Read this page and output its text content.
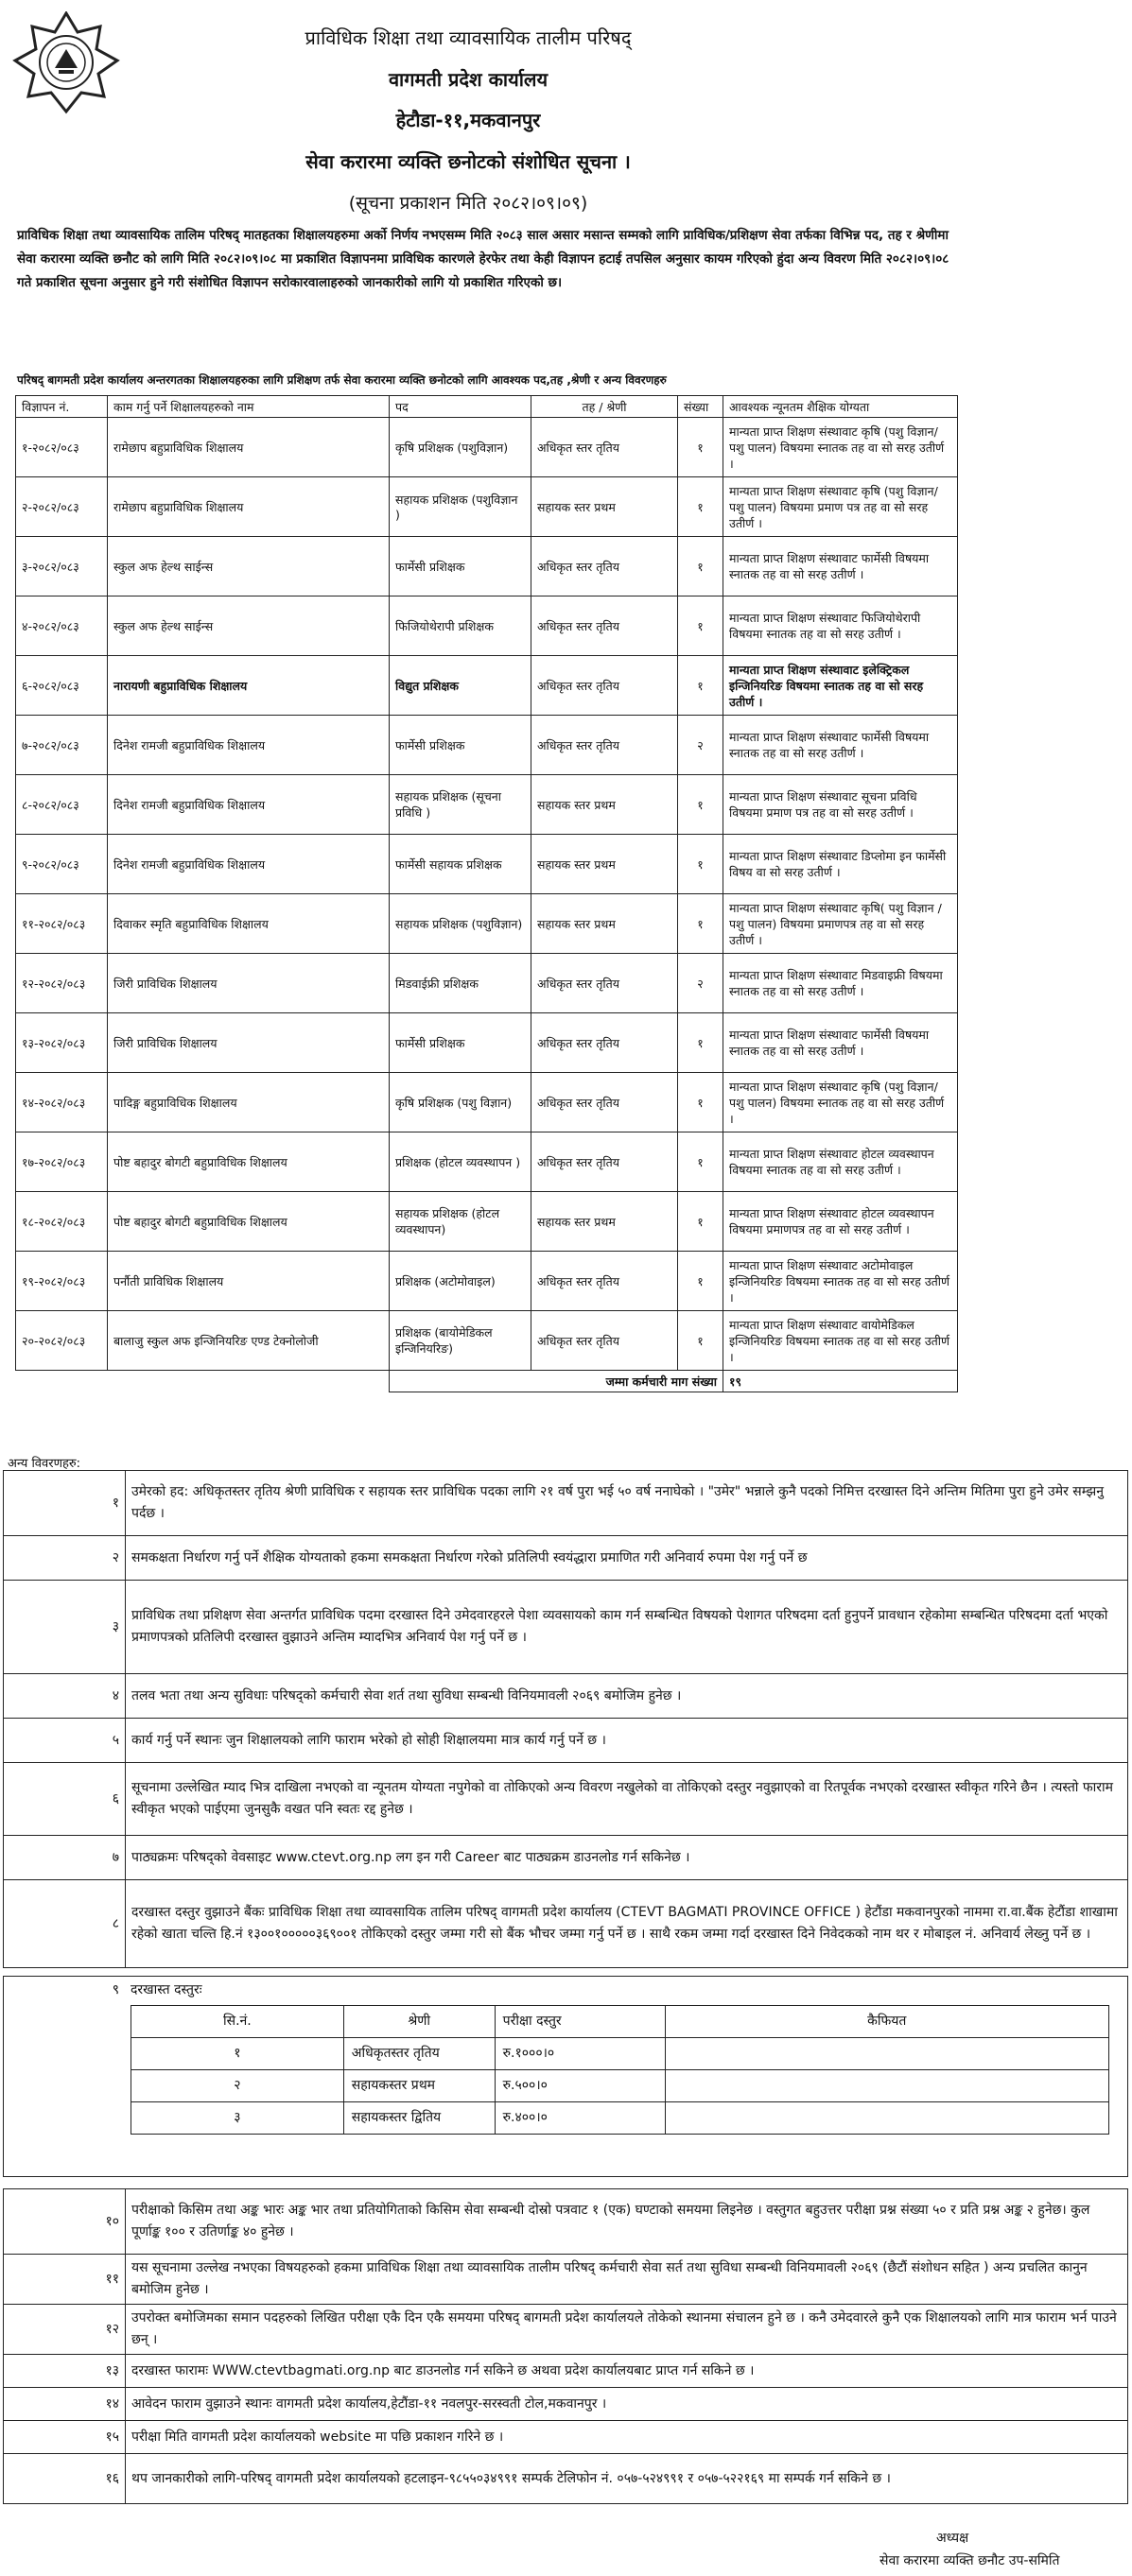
प्राविधिक शिक्षा तथा व्यावसायिक तालीम परिषद्
वागमती प्रदेश कार्यालय
हेटौडा-११,मकवानपुर
सेवा करारमा व्यक्ति छनोटको संशोधित सूचना ।
(सूचना प्रकाशन मिति २०८२।०९।०९)
प्राविधिक शिक्षा तथा व्यावसायिक तालिम परिषद् मातहतका शिक्षालयहरुमा अर्को निर्णय नभएसम्म मिति २०८३ साल असार मसान्त सम्मको लागि प्राविधिक/प्रशिक्षण सेवा तर्फका विभिन्न पद, तह र श्रेणीमा सेवा करारमा व्यक्ति छनौट को लागि मिति २०८२।०९।०८ मा प्रकाशित विज्ञापनमा प्राविधिक कारणले हेरफेर तथा केही विज्ञापन हटाई तपसिल अनुसार कायम गरिएको हुंदा अन्य विवरण मिति २०८२।०९।०८ गते प्रकाशित सूचना अनुसार हुने गरी संशोधित विज्ञापन सरोकारवालाहरुको जानकारीको लागि यो प्रकाशित गरिएको छ।
परिषद् बागमती प्रदेश कार्यालय अन्तरगतका शिक्षालयहरुका लागि प्रशिक्षण तर्फ सेवा करारमा व्यक्ति छनोटको लागि आवश्यक पद,तह ,श्रेणी र अन्य विवरणहरु
विज्ञापन नं.	काम गर्नु पर्ने शिक्षालयहरुको नाम	पद	तह / श्रेणी	संख्या	आवश्यक न्यूनतम शैक्षिक योग्यता
१-२०८२/०८३	रामेछाप बहुप्राविधिक शिक्षालय	कृषि प्रशिक्षक (पशुविज्ञान)	अधिकृत स्तर तृतिय	१	मान्यता प्राप्त शिक्षण संस्थावाट कृषि (पशु विज्ञान/ पशु पालन) विषयमा स्नातक तह वा सो सरह उतीर्ण ।
२-२०८२/०८३	रामेछाप बहुप्राविधिक शिक्षालय	सहायक प्रशिक्षक (पशुविज्ञान )	सहायक स्तर प्रथम	१	मान्यता प्राप्त शिक्षण संस्थावाट कृषि (पशु विज्ञान/ पशु पालन) विषयमा प्रमाण पत्र तह वा सो सरह उतीर्ण ।
३-२०८२/०८३	स्कुल अफ हेल्थ साईन्स	फार्मेसी प्रशिक्षक	अधिकृत स्तर तृतिय	१	मान्यता प्राप्त शिक्षण संस्थावाट फार्मेसी विषयमा स्नातक तह वा सो सरह उतीर्ण ।
४-२०८२/०८३	स्कुल अफ हेल्थ साईन्स	फिजियोथेरापी प्रशिक्षक	अधिकृत स्तर तृतिय	१	मान्यता प्राप्त शिक्षण संस्थावाट फिजियोथेरापी विषयमा स्नातक तह वा सो सरह उतीर्ण ।
६-२०८२/०८३	नारायणी बहुप्राविधिक शिक्षालय	विद्युत प्रशिक्षक	अधिकृत स्तर तृतिय	१	मान्यता प्राप्त शिक्षण संस्थावाट इलेक्ट्रिकल इन्जिनियरिङ विषयमा स्नातक तह वा सो सरह उतीर्ण ।
७-२०८२/०८३	दिनेश रामजी बहुप्राविधिक शिक्षालय	फार्मेसी प्रशिक्षक	अधिकृत स्तर तृतिय	२	मान्यता प्राप्त शिक्षण संस्थावाट फार्मेसी विषयमा स्नातक तह वा सो सरह उतीर्ण ।
८-२०८२/०८३	दिनेश रामजी बहुप्राविधिक शिक्षालय	सहायक प्रशिक्षक (सूचना प्रविधि )	सहायक स्तर प्रथम	१	मान्यता प्राप्त शिक्षण संस्थावाट सूचना प्रविधि विषयमा प्रमाण पत्र तह वा सो सरह उतीर्ण ।
९-२०८२/०८३	दिनेश रामजी बहुप्राविधिक शिक्षालय	फार्मेसी सहायक प्रशिक्षक	सहायक स्तर प्रथम	१	मान्यता प्राप्त शिक्षण संस्थावाट डिप्लोमा इन फार्मेसी विषय वा सो सरह उतीर्ण ।
११-२०८२/०८३	दिवाकर स्मृति बहुप्राविधिक शिक्षालय	सहायक प्रशिक्षक (पशुविज्ञान)	सहायक स्तर प्रथम	१	मान्यता प्राप्त शिक्षण संस्थावाट कृषि( पशु विज्ञान / पशु पालन) विषयमा प्रमाणपत्र तह वा सो सरह उतीर्ण ।
१२-२०८२/०८३	जिरी प्राविधिक शिक्षालय	मिडवाईफ्री प्रशिक्षक	अधिकृत स्तर तृतिय	२	मान्यता प्राप्त शिक्षण संस्थावाट मिडवाइफ्री विषयमा स्नातक तह वा सो सरह उतीर्ण ।
१३-२०८२/०८३	जिरी प्राविधिक शिक्षालय	फार्मेसी प्रशिक्षक	अधिकृत स्तर तृतिय	१	मान्यता प्राप्त शिक्षण संस्थावाट फार्मेसी विषयमा स्नातक तह वा सो सरह उतीर्ण ।
१४-२०८२/०८३	पादिङ्ग बहुप्राविधिक शिक्षालय	कृषि प्रशिक्षक (पशु विज्ञान)	अधिकृत स्तर तृतिय	१	मान्यता प्राप्त शिक्षण संस्थावाट कृषि (पशु विज्ञान/ पशु पालन) विषयमा स्नातक तह वा सो सरह उतीर्ण ।
१७-२०८२/०८३	पोष्ट बहादुर बोगटी बहुप्राविधिक शिक्षालय	प्रशिक्षक (होटल व्यवस्थापन )	अधिकृत स्तर तृतिय	१	मान्यता प्राप्त शिक्षण संस्थावाट होटल व्यवस्थापन विषयमा स्नातक तह वा सो सरह उतीर्ण ।
१८-२०८२/०८३	पोष्ट बहादुर बोगटी बहुप्राविधिक शिक्षालय	सहायक प्रशिक्षक (होटल व्यवस्थापन)	सहायक स्तर प्रथम	१	मान्यता प्राप्त शिक्षण संस्थावाट होटल व्यवस्थापन विषयमा प्रमाणपत्र तह वा सो सरह उतीर्ण ।
१९-२०८२/०८३	पर्नौती प्राविधिक शिक्षालय	प्रशिक्षक (अटोमोवाइल)	अधिकृत स्तर तृतिय	१	मान्यता प्राप्त शिक्षण संस्थावाट अटोमोवाइल इन्जिनियरिङ विषयमा स्नातक तह वा सो सरह उतीर्ण ।
२०-२०८२/०८३	बालाजु स्कुल अफ इन्जिनियरिङ एण्ड टेक्नोलोजी	प्रशिक्षक (बायोमेडिकल इन्जिनियरिङ)	अधिकृत स्तर तृतिय	१	मान्यता प्राप्त शिक्षण संस्थावाट वायोमेडिकल इन्जिनियरिङ विषयमा स्नातक तह वा सो सरह उतीर्ण ।
		जम्मा कर्मचारी माग संख्या			१९
अन्य विवरणहरु:
१	उमेरको हद: अधिकृतस्तर तृतिय श्रेणी प्राविधिक र सहायक स्तर प्राविधिक पदका लागि २१ वर्ष पुरा भई ५० वर्ष ननाघेको । "उमेर" भन्नाले कुनै पदको निमित्त दरखास्त दिने अन्तिम मितिमा पुरा हुने उमेर सम्झनु पर्दछ ।
२	समकक्षता निर्धारण गर्नु पर्ने शैक्षिक योग्यताको हकमा समकक्षता निर्धारण गरेको प्रतिलिपी स्वयंद्धारा प्रमाणित गरी अनिवार्य रुपमा पेश गर्नु पर्ने छ
३	प्राविधिक तथा प्रशिक्षण सेवा अन्तर्गत प्राविधिक पदमा दरखास्त दिने उमेदवारहरले पेशा व्यवसायको काम गर्न सम्बन्धित विषयको पेशागत परिषदमा दर्ता हुनुपर्ने प्रावधान रहेकोमा सम्बन्धित परिषदमा दर्ता भएको प्रमाणपत्रको प्रतिलिपी दरखास्त वुझाउने अन्तिम म्यादभित्र अनिवार्य पेश गर्नु पर्ने छ ।
४	तलव भता तथा अन्य सुविधाः परिषद्को कर्मचारी सेवा शर्त तथा सुविधा सम्बन्धी विनियमावली २०६९ बमोजिम हुनेछ ।
५	कार्य गर्नु पर्ने स्थानः जुन शिक्षालयको लागि फाराम भरेको हो सोही शिक्षालयमा मात्र कार्य गर्नु पर्ने छ ।
६	सूचनामा उल्लेखित म्याद भित्र दाखिला नभएको वा न्यूनतम योग्यता नपुगेको वा तोकिएको अन्य विवरण नखुलेको वा तोकिएको दस्तुर नवुझाएको वा रितपूर्वक नभएको दरखास्त स्वीकृत गरिने छैन । त्यस्तो फाराम स्वीकृत भएको पाईएमा जुनसुकै वखत पनि स्वतः रद्द हुनेछ ।
७	पाठ्यक्रमः परिषद्को वेवसाइट www.ctevt.org.np लग इन गरी Career बाट पाठ्यक्रम डाउनलोड गर्न सकिनेछ ।
८	दरखास्त दस्तुर वुझाउने बैंकः प्राविधिक शिक्षा तथा व्यावसायिक तालिम परिषद् वागमती प्रदेश कार्यालय (CTEVT BAGMATI PROVINCE OFFICE ) हेटौंडा मकवानपुरको नाममा रा.वा.बैंक हेटौंडा शाखामा रहेको खाता चल्ति हि.नं १३००१०००००३६९००१ तोकिएको दस्तुर जम्मा गरी सो बैंक भौचर जम्मा गर्नु पर्ने छ । साथै रकम जम्मा गर्दा दरखास्त दिने निवेदकको नाम थर र मोबाइल नं. अनिवार्य लेख्नु पर्ने छ ।
९	दरखास्त दस्तुरः
सि.नं.	श्रेणी	परीक्षा दस्तुर	कैफियत
१	अधिकृतस्तर तृतिय	रु.१०००।०	
२	सहायकस्तर प्रथम	रु.५००।०	
३	सहायकस्तर द्वितिय	रु.४००।०	
१०	परीक्षाको किसिम तथा अङ्क भारः अङ्क भार तथा प्रतियोगिताको किसिम सेवा सम्बन्धी दोस्रो पत्रवाट १ (एक) घण्टाको समयमा लिइनेछ । वस्तुगत बहुउत्तर परीक्षा प्रश्न संख्या ५० र प्रति प्रश्न अङ्क २ हुनेछ। कुल पूर्णाङ्क १०० र उतिर्णाङ्क ४० हुनेछ ।
११	यस सूचनामा उल्लेख नभएका विषयहरुको हकमा प्राविधिक शिक्षा तथा व्यावसायिक तालीम परिषद् कर्मचारी सेवा सर्त तथा सुविधा सम्बन्धी विनियमावली २०६९ (छैटौं संशोधन सहित ) अन्य प्रचलित कानुन बमोजिम हुनेछ ।
१२	उपरोक्त बमोजिमका समान पदहरुको लिखित परीक्षा एकै दिन एकै समयमा परिषद् बागमती प्रदेश कार्यालयले तोकेको स्थानमा संचालन हुने छ । कनै उमेदवारले कुनै एक शिक्षालयको लागि मात्र फाराम भर्न पाउने छन् ।
१३	दरखास्त फारामः WWW.ctevtbagmati.org.np बाट डाउनलोड गर्न सकिने छ अथवा प्रदेश कार्यालयबाट प्राप्त गर्न सकिने छ ।
१४	आवेदन फाराम वुझाउने स्थानः वागमती प्रदेश कार्यालय,हेटौंडा-११ नवलपुर-सरस्वती टोल,मकवानपुर ।
१५	परीक्षा मिति वागमती प्रदेश कार्यालयको website मा पछि प्रकाशन गरिने छ ।
१६	थप जानकारीको लागि-परिषद् वागमती प्रदेश कार्यालयको हटलाइन-९८५५०३४९९१ सम्पर्क टेलिफोन नं. ०५७-५२४९९१ र ०५७-५२२१६९ मा सम्पर्क गर्न सकिने छ ।
अध्यक्ष
सेवा करारमा व्यक्ति छनौट उप-समिति
